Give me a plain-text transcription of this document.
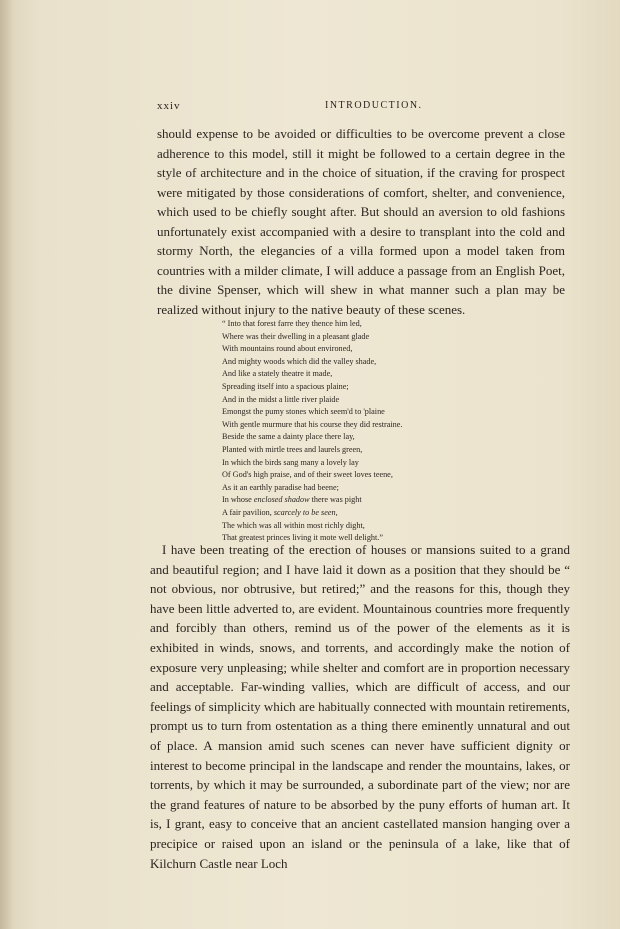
xxiv	INTRODUCTION.

should expense to be avoided or difficulties to be overcome prevent a close adherence to this model, still it might be followed to a certain degree in the style of architecture and in the choice of situation, if the craving for prospect were mitigated by those considerations of comfort, shelter, and convenience, which used to be chiefly sought after. But should an aversion to old fashions unfortunately exist accompanied with a desire to transplant into the cold and stormy North, the elegancies of a villa formed upon a model taken from countries with a milder climate, I will adduce a passage from an English Poet, the divine Spenser, which will shew in what manner such a plan may be realized without injury to the native beauty of these scenes.

“ Into that forest farre they thence him led,
Where was their dwelling in a pleasant glade
With mountains round about environed,
And mighty woods which did the valley shade,
And like a stately theatre it made,
Spreading itself into a spacious plaine;
And in the midst a little river plaide
Emongst the pumy stones which seem'd to 'plaine
With gentle murmure that his course they did restraine.
Beside the same a dainty place there lay,
Planted with mirtle trees and laurels green,
In which the birds sang many a lovely lay
Of God's high praise, and of their sweet loves teene,
As it an earthly paradise had beene;
In whose enclosed shadow there was pight
A fair pavilion, scarcely to be seen,
The which was all within most richly dight,
That greatest princes living it mote well delight.”

I have been treating of the erection of houses or mansions suited to a grand and beautiful region; and I have laid it down as a position that they should be “ not obvious, nor obtrusive, but retired;” and the reasons for this, though they have been little adverted to, are evident. Mountainous countries more frequently and forcibly than others, remind us of the power of the elements as it is exhibited in winds, snows, and torrents, and accordingly make the notion of exposure very unpleasing; while shelter and comfort are in proportion necessary and acceptable. Far-winding vallies, which are difficult of access, and our feelings of simplicity which are habitually connected with mountain retirements, prompt us to turn from ostentation as a thing there eminently unnatural and out of place. A mansion amid such scenes can never have sufficient dignity or interest to become principal in the landscape and render the mountains, lakes, or torrents, by which it may be surrounded, a subordinate part of the view; nor are the grand features of nature to be absorbed by the puny efforts of human art. It is, I grant, easy to conceive that an ancient castellated mansion hanging over a precipice or raised upon an island or the peninsula of a lake, like that of Kilchurn Castle near Loch
